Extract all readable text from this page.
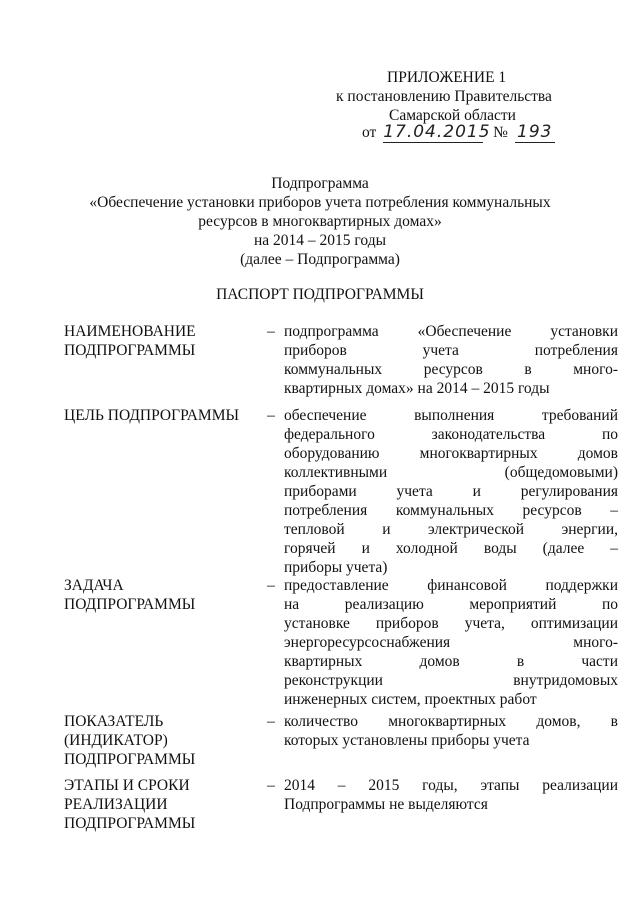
ПРИЛОЖЕНИЕ 1
к постановлению Правительства
Самарской области
от 17.04.2015 № 193
Подпрограмма
«Обеспечение установки приборов учета потребления коммунальных
ресурсов в многоквартирных домах»
на 2014 – 2015 годы
(далее – Подпрограмма)
ПАСПОРТ ПОДПРОГРАММЫ
НАИМЕНОВАНИЕ
ПОДПРОГРАММЫ
– подпрограмма «Обеспечение установки
приборов учета потребления
коммунальных ресурсов в много-
квартирных домах» на 2014 – 2015 годы
ЦЕЛЬ ПОДПРОГРАММЫ	– обеспечение выполнения требований
федерального законодательства по
оборудованию многоквартирных домов
коллективными (общедомовыми)
приборами учета и регулирования
потребления коммунальных ресурсов –
тепловой и электрической энергии,
горячей и холодной воды (далее –
приборы учета)
ЗАДАЧА
ПОДПРОГРАММЫ
– предоставление финансовой поддержки
на реализацию мероприятий по
установке приборов учета, оптимизации
энергоресурсоснабжения много-
квартирных домов в части
реконструкции внутридомовых
инженерных систем, проектных работ
ПОКАЗАТЕЛЬ
(ИНДИКАТОР)
ПОДПРОГРАММЫ
– количество многоквартирных домов, в
которых установлены приборы учета
ЭТАПЫ И СРОКИ
РЕАЛИЗАЦИИ
ПОДПРОГРАММЫ
– 2014 – 2015 годы, этапы реализации
Подпрограммы не выделяются
